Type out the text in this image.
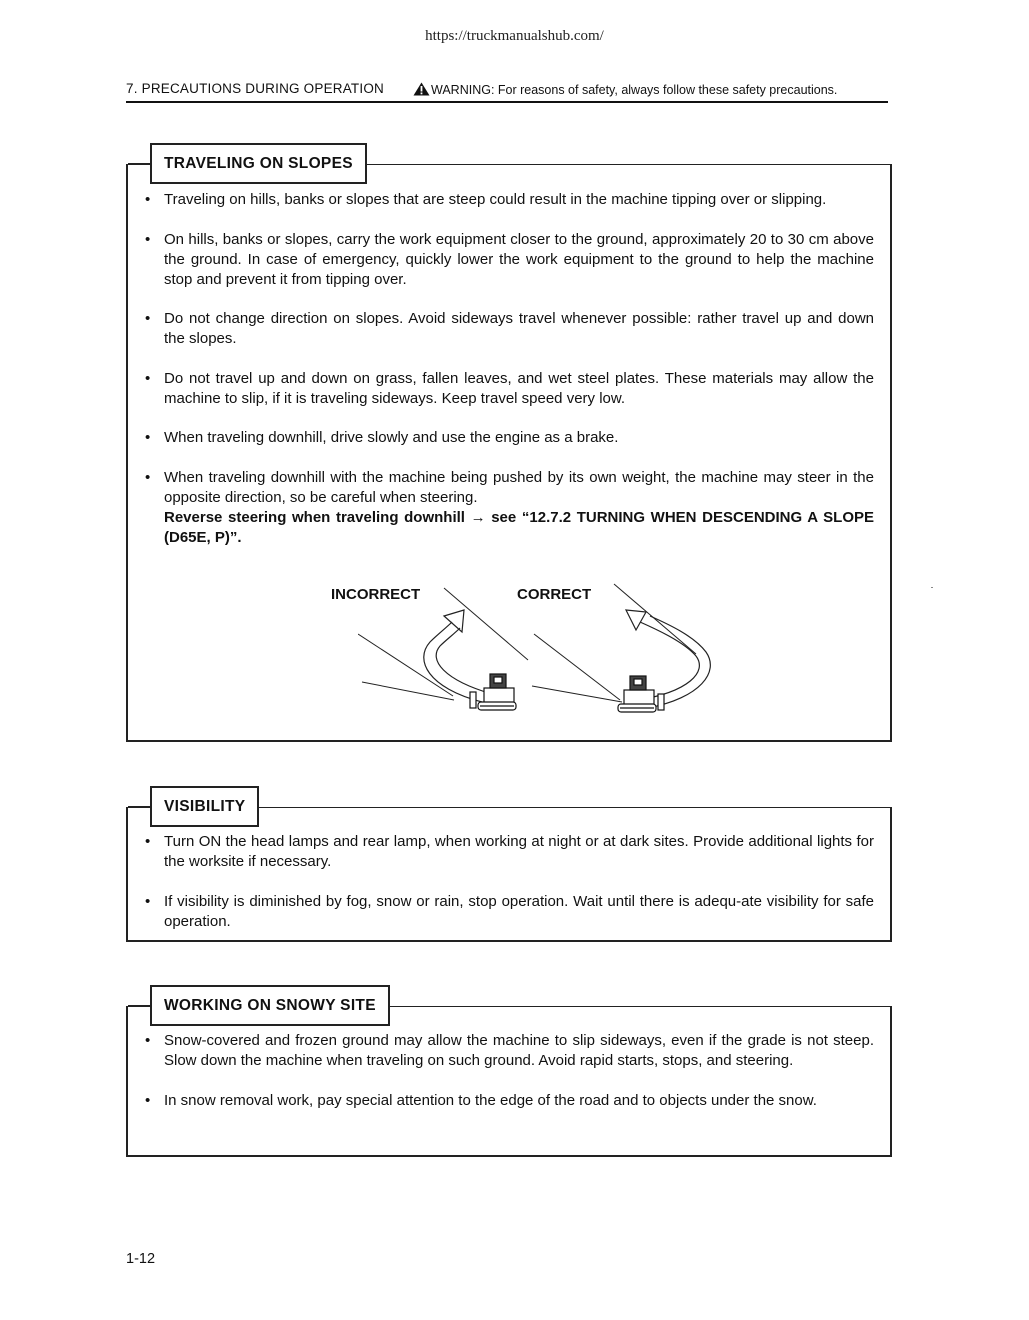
https://truckmanualshub.com/
7. PRECAUTIONS DURING OPERATION	WARNING: For reasons of safety, always follow these safety precautions.
TRAVELING ON SLOPES
• Traveling on hills, banks or slopes that are steep could result in the machine tipping over or slipping.
• On hills, banks or slopes, carry the work equipment closer to the ground, approximately 20 to 30 cm above the ground. In case of emergency, quickly lower the work equipment to the ground to help the machine stop and prevent it from tipping over.
• Do not change direction on slopes. Avoid sideways travel whenever possible: rather travel up and down the slopes.
• Do not travel up and down on grass, fallen leaves, and wet steel plates. These materials may allow the machine to slip, if it is traveling sideways. Keep travel speed very low.
• When traveling downhill, drive slowly and use the engine as a brake.
• When traveling downhill with the machine being pushed by its own weight, the machine may steer in the opposite direction, so be careful when steering.
Reverse steering when traveling downhill → see “12.7.2 TURNING WHEN DESCENDING A SLOPE (D65E, P)”.
INCORRECT	CORRECT
VISIBILITY
• Turn ON the head lamps and rear lamp, when working at night or at dark sites. Provide additional lights for the worksite if necessary.
• If visibility is diminished by fog, snow or rain, stop operation. Wait until there is adequ-ate visibility for safe operation.
WORKING ON SNOWY SITE
• Snow-covered and frozen ground may allow the machine to slip sideways, even if the grade is not steep. Slow down the machine when traveling on such ground. Avoid rapid starts, stops, and steering.
• In snow removal work, pay special attention to the edge of the road and to objects under the snow.
1-12
